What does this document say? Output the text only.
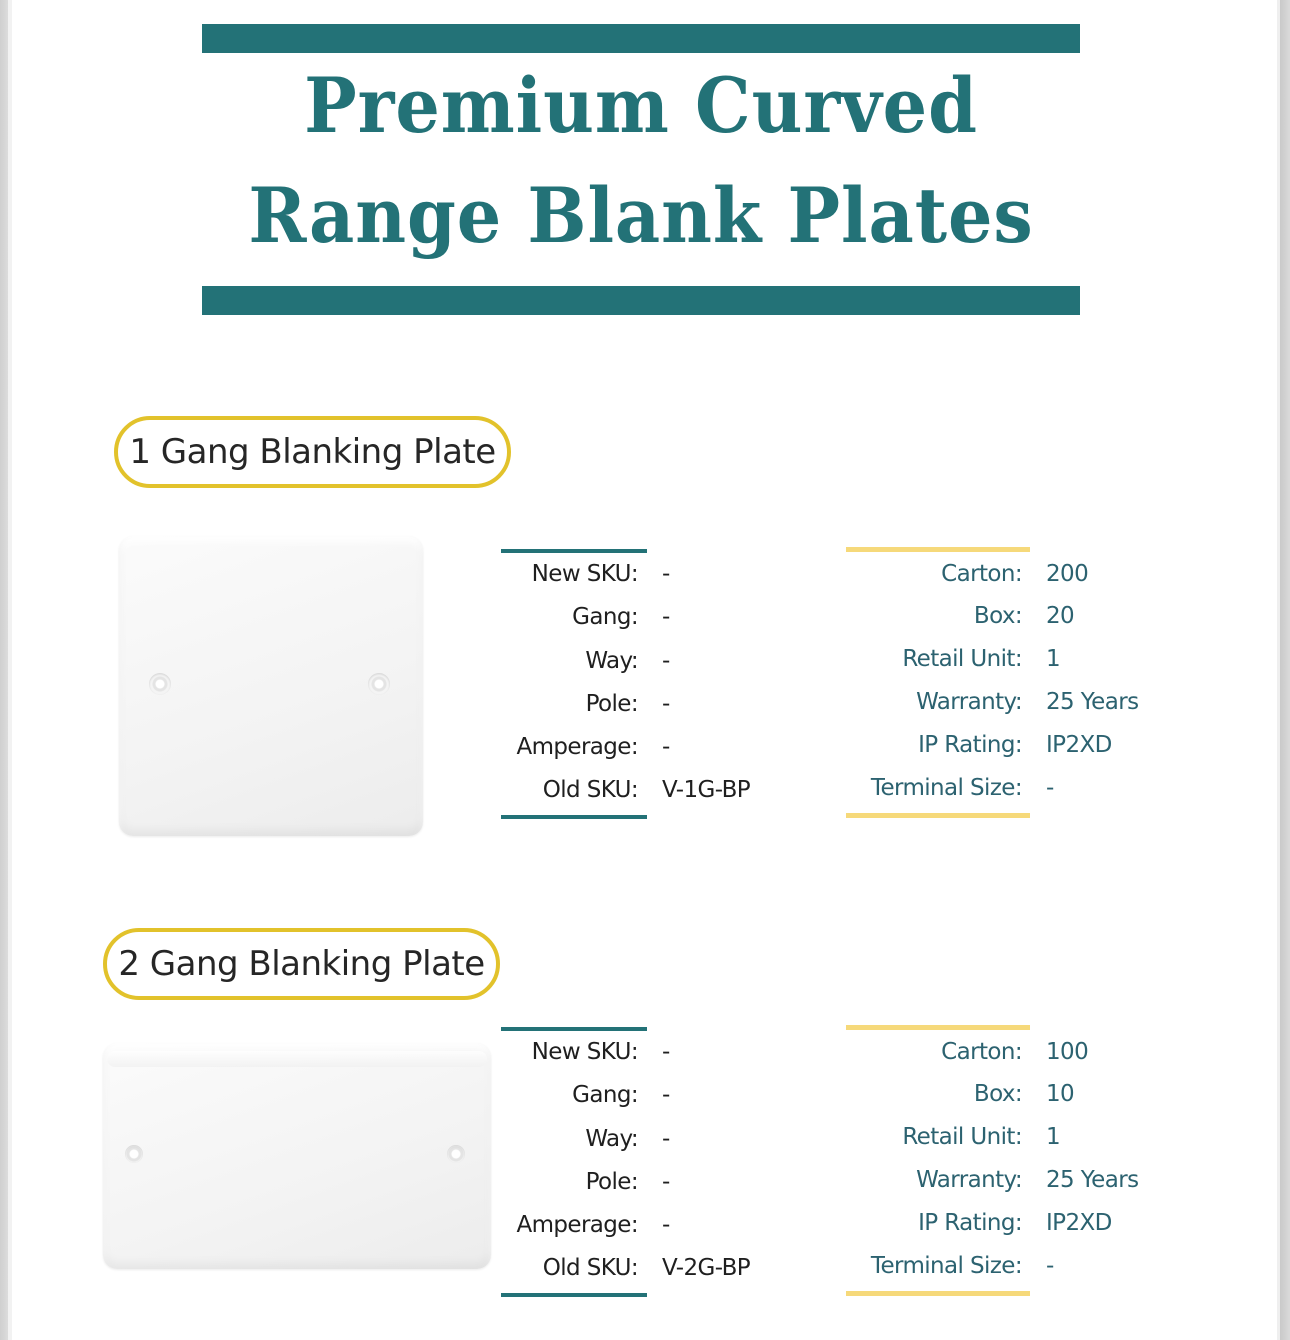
Premium Curved
Range Blank Plates
1 Gang Blanking Plate
New SKU: -
Gang: -
Way: -
Pole: -
Amperage: -
Old SKU: V-1G-BP
Carton: 200
Box: 20
Retail Unit: 1
Warranty: 25 Years
IP Rating: IP2XD
Terminal Size: -
2 Gang Blanking Plate
New SKU: -
Gang: -
Way: -
Pole: -
Amperage: -
Old SKU: V-2G-BP
Carton: 100
Box: 10
Retail Unit: 1
Warranty: 25 Years
IP Rating: IP2XD
Terminal Size: -
